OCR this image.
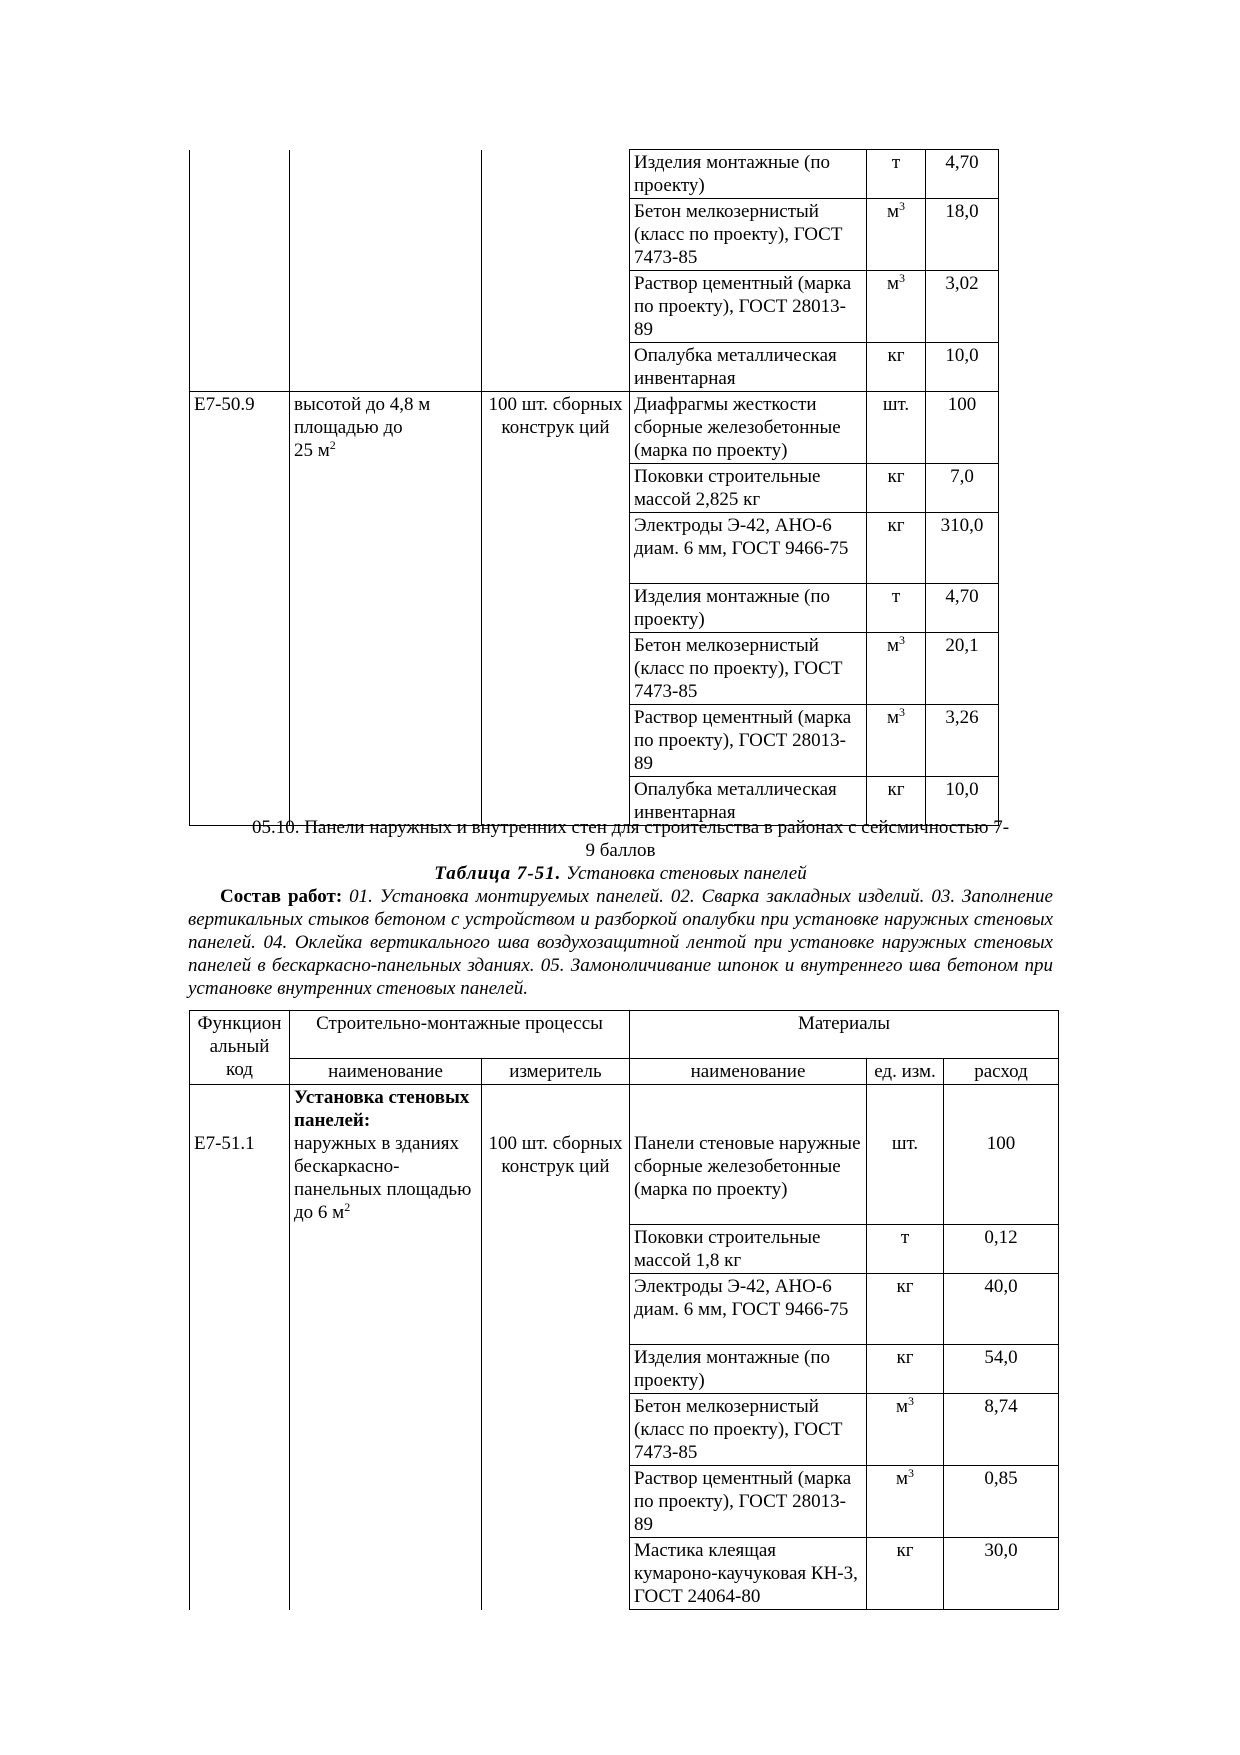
			Изделия монтажные (по проекту)	т	4,70
			Бетон мелкозернистый (класс по проекту), ГОСТ 7473-85	$м^3$	18,0
			Раствор цементный (марка по проекту), ГОСТ 28013-89	$м^3$	3,02
			Опалубка металлическая инвентарная	кг	10,0
Е7-50.9	высотой до 4,8 м
площадью до
25 $м^2$	100 шт. сборных конструк ций	Диафрагмы жесткости сборные железобетонные (марка по проекту)	шт.	100
			Поковки строительные массой 2,825 кг	кг	7,0
			Электроды Э-42, АНО-6 диам. 6 мм, ГОСТ 9466-75	кг	310,0
			Изделия монтажные (по проекту)	т	4,70
			Бетон мелкозернистый (класс по проекту), ГОСТ 7473-85	$м^3$	20,1
			Раствор цементный (марка по проекту), ГОСТ 28013-89	$м^3$	3,26
			Опалубка металлическая инвентарная	кг	10,0
05.10. Панели наружных и внутренних стен для строительства в районах с сейсмичностью 7-
9 баллов
Таблица 7-51. Установка стеновых панелей
Состав работ: 01. Установка монтируемых панелей. 02. Сварка закладных изделий. 03. Заполнение вертикальных стыков бетоном с устройством и разборкой опалубки при установке наружных стеновых панелей. 04. Оклейка вертикального шва воздухозащитной лентой при установке наружных стеновых панелей в бескаркасно-панельных зданиях. 05. Замоноличивание шпонок и внутреннего шва бетоном при установке внутренних стеновых панелей.
Функцион альный код	Строительно-монтажные процессы		Материалы		
	наименование	измеритель	наименование	ед. изм.	расход

Е7-51.1	Установка стеновых панелей:
наружных в зданиях бескаркасно-панельных площадью до 6 $м^2$	100 шт. сборных конструк ций	Панели стеновые наружные сборные железобетонные (марка по проекту)	шт.	100

			Поковки строительные массой 1,8 кг	т	0,12
			Электроды Э-42, АНО-6 диам. 6 мм, ГОСТ 9466-75	кг	40,0
			Изделия монтажные (по проекту)	кг	54,0
			Бетон мелкозернистый (класс по проекту), ГОСТ 7473-85	$м^3$	8,74
			Раствор цементный (марка по проекту), ГОСТ 28013-89	$м^3$	0,85
			Мастика клеящая кумароно-каучуковая КН-3, ГОСТ 24064-80	кг	30,0
